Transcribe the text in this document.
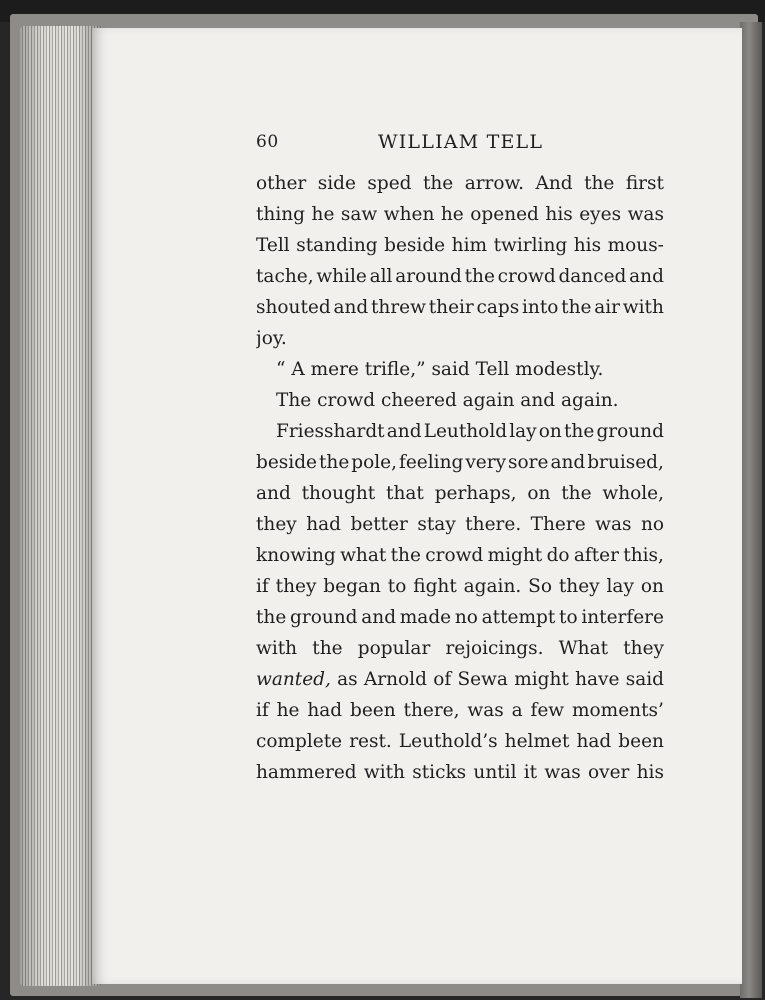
60	WILLIAM TELL
other side sped the arrow. And the first
thing he saw when he opened his eyes was
Tell standing beside him twirling his mous-
tache, while all around the crowd danced and
shouted and threw their caps into the air with
joy.
“ A mere trifle,” said Tell modestly.
The crowd cheered again and again.
Friesshardt and Leuthold lay on the ground
beside the pole, feeling very sore and bruised,
and thought that perhaps, on the whole,
they had better stay there. There was no
knowing what the crowd might do after this,
if they began to fight again. So they lay on
the ground and made no attempt to interfere
with the popular rejoicings. What they
wanted, as Arnold of Sewa might have said
if he had been there, was a few moments’
complete rest. Leuthold’s helmet had been
hammered with sticks until it was over his
